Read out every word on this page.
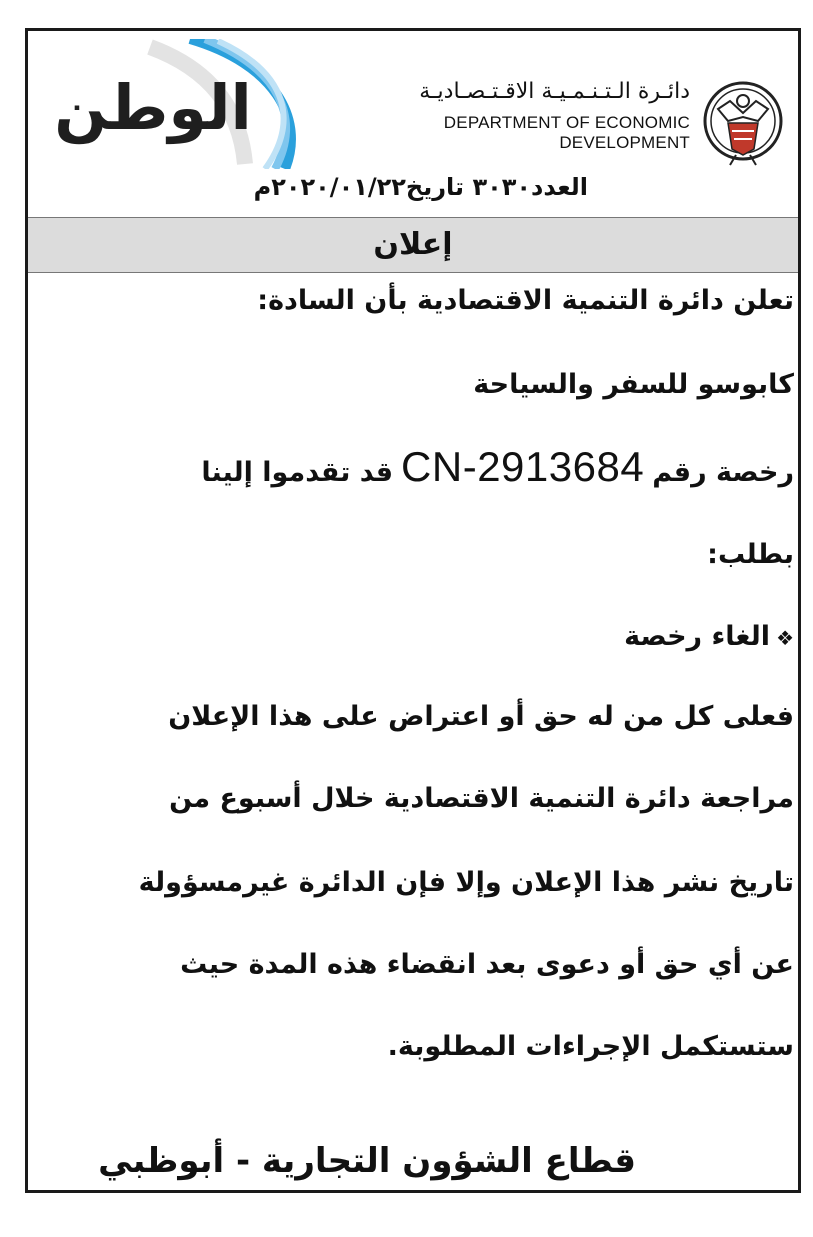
الوطن	دائـرة الـتـنـمـيـة الاقـتـصـاديـة
DEPARTMENT OF ECONOMIC DEVELOPMENT
العدد٣٠٣٠ تاريخ٢٠٢٠/٠١/٢٢م
إعلان
تعلن دائرة التنمية الاقتصادية بأن السادة:
كابوسو للسفر والسياحة
رخصة رقمCN-2913684قد تقدموا إلينا
بطلب:
❖الغاء رخصة
فعلى كل من له حق أو اعتراض على هذا الإعلان
مراجعة دائرة التنمية الاقتصادية خلال أسبوع من
تاريخ نشر هذا الإعلان وإلا فإن الدائرة غيرمسؤولة
عن أي حق أو دعوى بعد انقضاء هذه المدة حيث
ستستكمل الإجراءات المطلوبة.
قطاع الشؤون التجارية - أبوظبي
